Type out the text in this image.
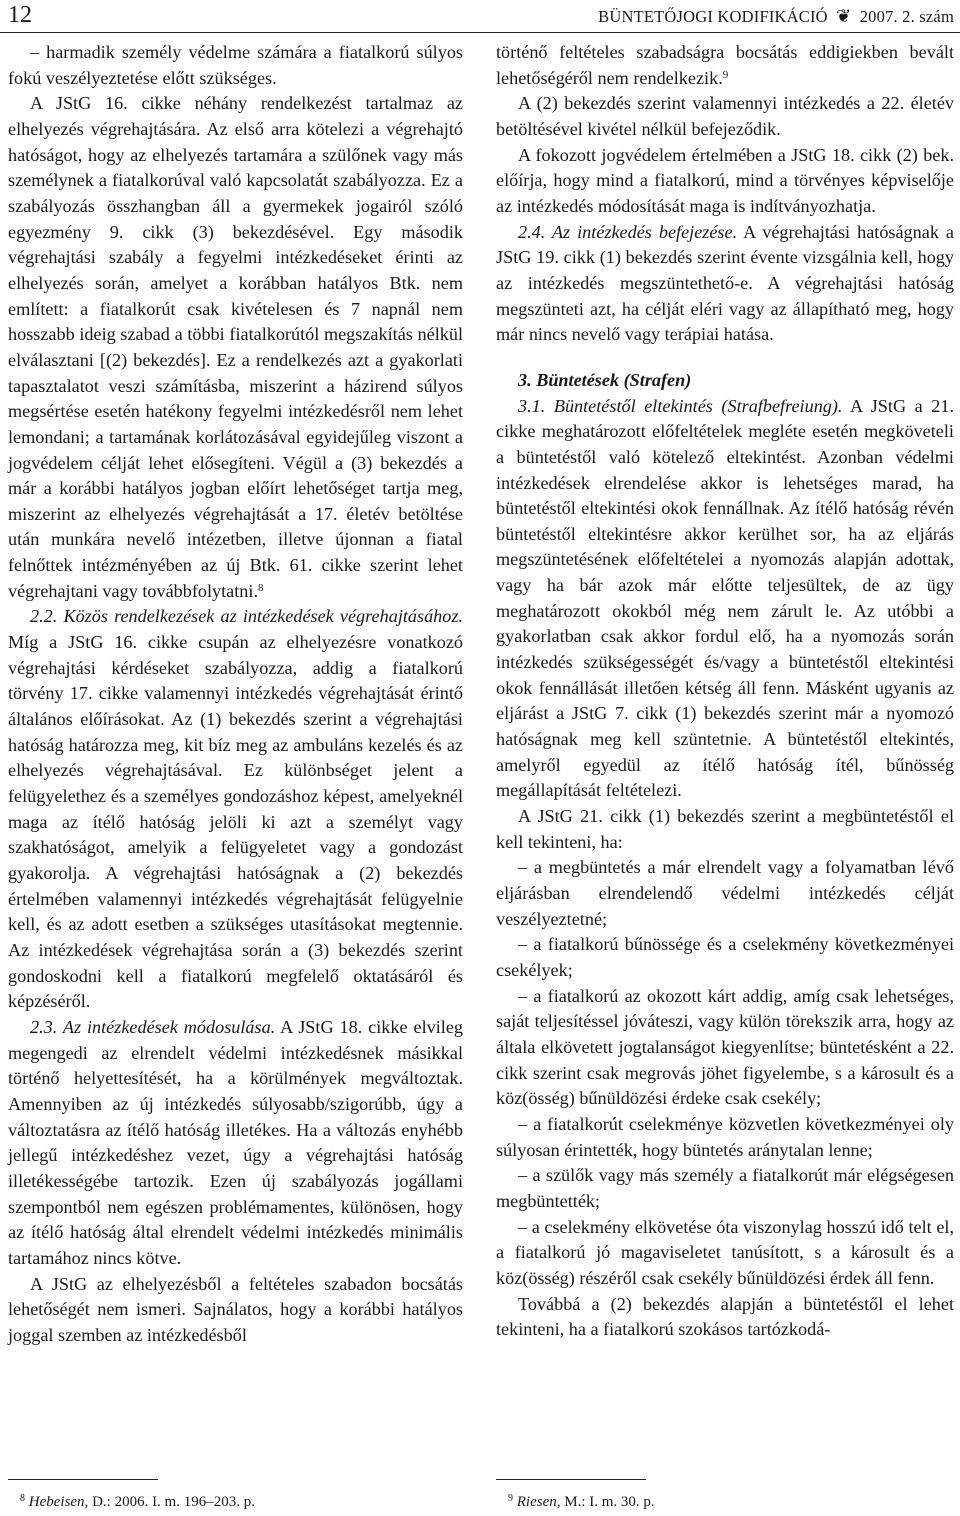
12	BÜNTETŐJOGI KODIFIKÁCIÓ ❦ 2007. 2. szám

– harmadik személy védelme számára a fiatalkorú súlyos fokú veszélyeztetése előtt szükséges.

A JStG 16. cikke néhány rendelkezést tartalmaz az elhelyezés végrehajtására. Az első arra kötelezi a végrehajtó hatóságot, hogy az elhelyezés tartamára a szülőnek vagy más személynek a fiatalkorúval való kapcsolatát szabályozza. Ez a szabályozás összhangban áll a gyermekek jogairól szóló egyezmény 9. cikk (3) bekezdésével. Egy második végrehajtási szabály a fegyelmi intézkedéseket érinti az elhelyezés során, amelyet a korábban hatályos Btk. nem említett: a fiatalkorút csak kivételesen és 7 napnál nem hosszabb ideig szabad a többi fiatalkorútól megszakítás nélkül elválasztani [(2) bekezdés]. Ez a rendelkezés azt a gyakorlati tapasztalatot veszi számításba, miszerint a házirend súlyos megsértése esetén hatékony fegyelmi intézkedésről nem lehet lemondani; a tartamának korlátozásával egyidejűleg viszont a jogvédelem célját lehet elősegíteni. Végül a (3) bekezdés a már a korábbi hatályos jogban előírt lehetőséget tartja meg, miszerint az elhelyezés végrehajtását a 17. életév betöltése után munkára nevelő intézetben, illetve újonnan a fiatal felnőttek intézményében az új Btk. 61. cikke szerint lehet végrehajtani vagy továbbfolytatni.$^8$

2.2. Közös rendelkezések az intézkedések végrehajtásához. Míg a JStG 16. cikke csupán az elhelyezésre vonatkozó végrehajtási kérdéseket szabályozza, addig a fiatalkorú törvény 17. cikke valamennyi intézkedés végrehajtását érintő általános előírásokat. Az (1) bekezdés szerint a végrehajtási hatóság határozza meg, kit bíz meg az ambuláns kezelés és az elhelyezés végrehajtásával. Ez különbséget jelent a felügyelethez és a személyes gondozáshoz képest, amelyeknél maga az ítélő hatóság jelöli ki azt a személyt vagy szakhatóságot, amelyik a felügyeletet vagy a gondozást gyakorolja. A végrehajtási hatóságnak a (2) bekezdés értelmében valamennyi intézkedés végrehajtását felügyelnie kell, és az adott esetben a szükséges utasításokat megtennie. Az intézkedések végrehajtása során a (3) bekezdés szerint gondoskodni kell a fiatalkorú megfelelő oktatásáról és képzéséről.

2.3. Az intézkedések módosulása. A JStG 18. cikke elvileg megengedi az elrendelt védelmi intézkedésnek másikkal történő helyettesítését, ha a körülmények megváltoztak. Amennyiben az új intézkedés súlyosabb/szigorúbb, úgy a változtatásra az ítélő hatóság illetékes. Ha a változás enyhébb jellegű intézkedéshez vezet, úgy a végrehajtási hatóság illetékességébe tartozik. Ezen új szabályozás jogállami szempontból nem egészen problémamentes, különösen, hogy az ítélő hatóság által elrendelt védelmi intézkedés minimális tartamához nincs kötve.

A JStG az elhelyezésből a feltételes szabadon bocsátás lehetőségét nem ismeri. Sajnálatos, hogy a korábbi hatályos joggal szemben az intézkedésből

történő feltételes szabadságra bocsátás eddigiekben bevált lehetőségéről nem rendelkezik.$^9$

A (2) bekezdés szerint valamennyi intézkedés a 22. életév betöltésével kivétel nélkül befejeződik.

A fokozott jogvédelem értelmében a JStG 18. cikk (2) bek. előírja, hogy mind a fiatalkorú, mind a törvényes képviselője az intézkedés módosítását maga is indítványozhatja.

2.4. Az intézkedés befejezése. A végrehajtási hatóságnak a JStG 19. cikk (1) bekezdés szerint évente vizsgálnia kell, hogy az intézkedés megszüntethető-e. A végrehajtási hatóság megszünteti azt, ha célját eléri vagy az állapítható meg, hogy már nincs nevelő vagy terápiai hatása.

3. Büntetések (Strafen)

3.1. Büntetéstől eltekintés (Strafbefreiung). A JStG a 21. cikke meghatározott előfeltételek megléte esetén megköveteli a büntetéstől való kötelező eltekintést. Azonban védelmi intézkedések elrendelése akkor is lehetséges marad, ha büntetéstől eltekintési okok fennállnak. Az ítélő hatóság révén büntetéstől eltekintésre akkor kerülhet sor, ha az eljárás megszüntetésének előfeltételei a nyomozás alapján adottak, vagy ha bár azok már előtte teljesültek, de az ügy meghatározott okokból még nem zárult le. Az utóbbi a gyakorlatban csak akkor fordul elő, ha a nyomozás során intézkedés szükségességét és/vagy a büntetéstől eltekintési okok fennállását illetően kétség áll fenn. Másként ugyanis az eljárást a JStG 7. cikk (1) bekezdés szerint már a nyomozó hatóságnak meg kell szüntetnie. A büntetéstől eltekintés, amelyről egyedül az ítélő hatóság ítél, bűnösség megállapítását feltételezi.

A JStG 21. cikk (1) bekezdés szerint a megbüntetéstől el kell tekinteni, ha:

– a megbüntetés a már elrendelt vagy a folyamatban lévő eljárásban elrendelendő védelmi intézkedés célját veszélyeztetné;

– a fiatalkorú bűnössége és a cselekmény következményei csekélyek;

– a fiatalkorú az okozott kárt addig, amíg csak lehetséges, saját teljesítéssel jóváteszi, vagy külön törekszik arra, hogy az általa elkövetett jogtalanságot kiegyenlítse; büntetésként a 22. cikk szerint csak megrovás jöhet figyelembe, s a károsult és a köz(össég) bűnüldözési érdeke csak csekély;

– a fiatalkorút cselekménye közvetlen következményei oly súlyosan érintették, hogy büntetés aránytalan lenne;

– a szülők vagy más személy a fiatalkorút már elégségesen megbüntették;

– a cselekmény elkövetése óta viszonylag hosszú idő telt el, a fiatalkorú jó magaviseletet tanúsított, s a károsult és a köz(össég) részéről csak csekély bűnüldözési érdek áll fenn.

Továbbá a (2) bekezdés alapján a büntetéstől el lehet tekinteni, ha a fiatalkorú szokásos tartózkodá-

$^8$ Hebeisen, D.: 2006. I. m. 196–203. p.	$^9$ Riesen, M.: I. m. 30. p.
